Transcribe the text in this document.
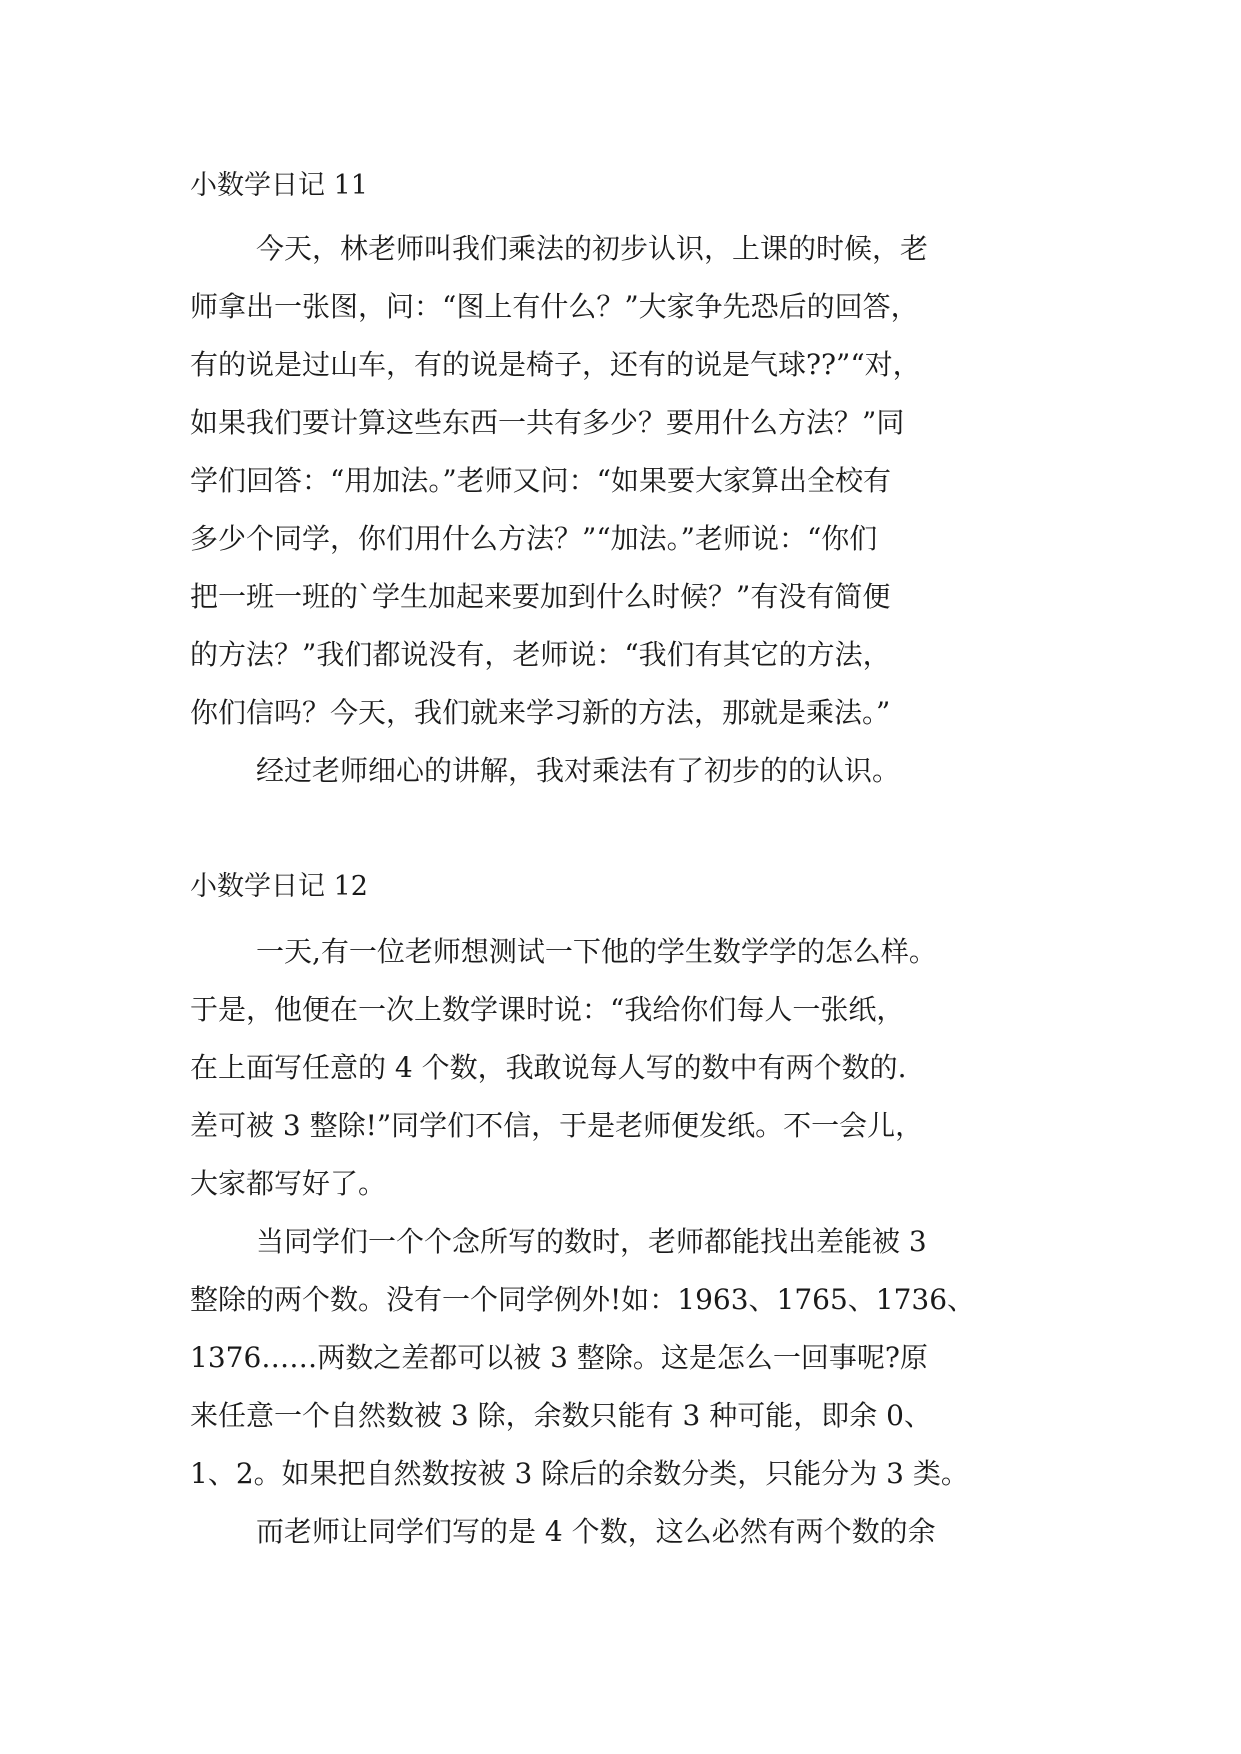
小数学日记 11

今天，林老师叫我们乘法的初步认识，上课的时候，老
师拿出一张图，问：“图上有什么？”大家争先恐后的回答，
有的说是过山车，有的说是椅子，还有的说是气球??”“对，
如果我们要计算这些东西一共有多少？要用什么方法？”同
学们回答：“用加法。”老师又问：“如果要大家算出全校有
多少个同学，你们用什么方法？”“加法。”老师说：“你们
把一班一班的`学生加起来要加到什么时候？”有没有简便
的方法？”我们都说没有，老师说：“我们有其它的方法，
你们信吗？今天，我们就来学习新的方法，那就是乘法。”

经过老师细心的讲解，我对乘法有了初步的的认识。

小数学日记 12

一天,有一位老师想测试一下他的学生数学学的怎么样。
于是，他便在一次上数学课时说：“我给你们每人一张纸，
在上面写任意的 4 个数，我敢说每人写的数中有两个数的.
差可被 3 整除!”同学们不信，于是老师便发纸。不一会儿，
大家都写好了。

当同学们一个个念所写的数时，老师都能找出差能被 3
整除的两个数。没有一个同学例外!如：1963、1765、1736、
1376……两数之差都可以被 3 整除。这是怎么一回事呢?原
来任意一个自然数被 3 除，余数只能有 3 种可能，即余 0、
1、2。如果把自然数按被 3 除后的余数分类，只能分为 3 类。

而老师让同学们写的是 4 个数，这么必然有两个数的余
